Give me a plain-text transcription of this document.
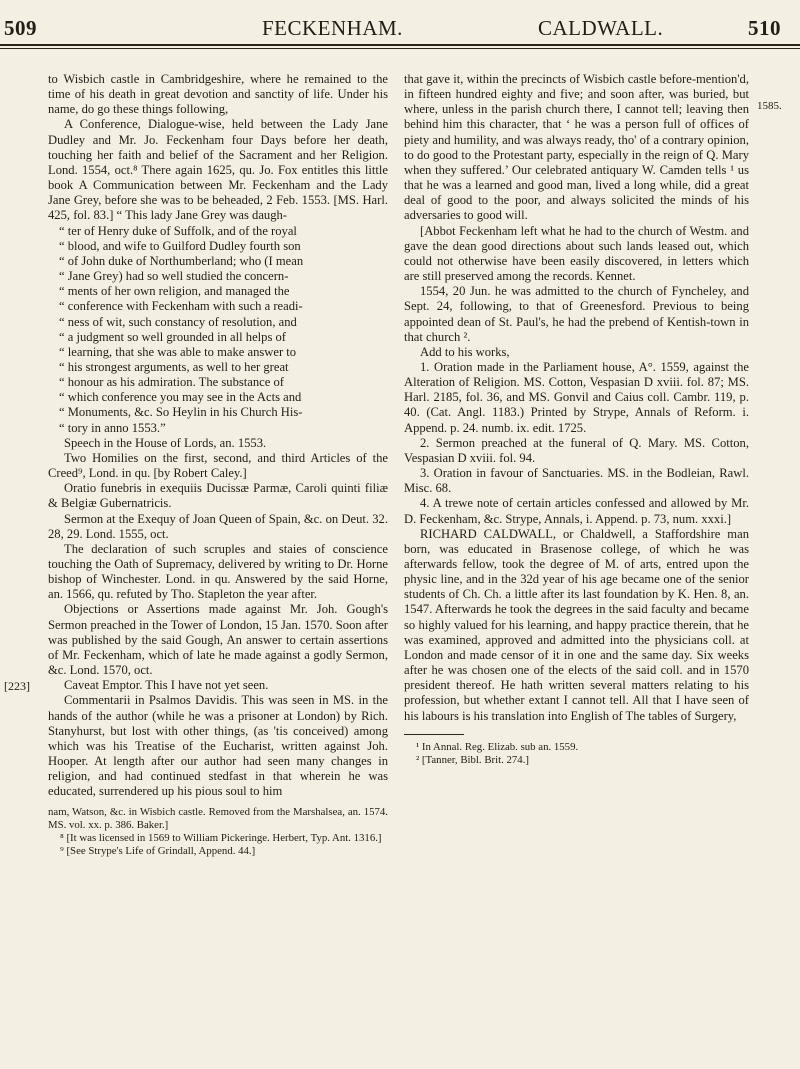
509	FECKENHAM.	CALDWALL.	510
[223]
1585.

to Wisbich castle in Cambridgeshire, where he remained to the time of his death in great devotion and sanctity of life. Under his name, do go these things following,

A Conference, Dialogue-wise, held between the Lady Jane Dudley and Mr. Jo. Feckenham four Days before her death, touching her faith and belief of the Sacrament and her Religion. Lond. 1554, oct.⁸ There again 1625, qu. Jo. Fox entitles this little book A Communication between Mr. Feckenham and the Lady Jane Grey, before she was to be beheaded, 2 Feb. 1553. [MS. Harl. 425, fol. 83.] “ This lady Jane Grey was daugh-

“ ter of Henry duke of Suffolk, and of the royal

“ blood, and wife to Guilford Dudley fourth son

“ of John duke of Northumberland; who (I mean

“ Jane Grey) had so well studied the concern-

“ ments of her own religion, and managed the

“ conference with Feckenham with such a readi-

“ ness of wit, such constancy of resolution, and

“ a judgment so well grounded in all helps of

“ learning, that she was able to make answer to

“ his strongest arguments, as well to her great

“ honour as his admiration. The substance of

“ which conference you may see in the Acts and

“ Monuments, &c. So Heylin in his Church His-

“ tory in anno 1553.”

Speech in the House of Lords, an. 1553.

Two Homilies on the first, second, and third Articles of the Creed⁹, Lond. in qu. [by Robert Caley.]

Oratio funebris in exequiis Ducissæ Parmæ, Caroli quinti filiæ & Belgiæ Gubernatricis.

Sermon at the Exequy of Joan Queen of Spain, &c. on Deut. 32. 28, 29. Lond. 1555, oct.

The declaration of such scruples and staies of conscience touching the Oath of Supremacy, delivered by writing to Dr. Horne bishop of Winchester. Lond. in qu. Answered by the said Horne, an. 1566, qu. refuted by Tho. Stapleton the year after.

Objections or Assertions made against Mr. Joh. Gough's Sermon preached in the Tower of London, 15 Jan. 1570. Soon after was published by the said Gough, An answer to certain assertions of Mr. Feckenham, which of late he made against a godly Sermon, &c. Lond. 1570, oct.

Caveat Emptor. This I have not yet seen.

Commentarii in Psalmos Davidis. This was seen in MS. in the hands of the author (while he was a prisoner at London) by Rich. Stanyhurst, but lost with other things, (as 'tis conceived) among which was his Treatise of the Eucharist, written against Joh. Hooper. At length after our author had seen many changes in religion, and had continued stedfast in that wherein he was educated, surrendered up his pious soul to him

nam, Watson, &c. in Wisbich castle. Removed from the Marshalsea, an. 1574. MS. vol. xx. p. 386. Baker.]

⁸ [It was licensed in 1569 to William Pickeringe. Herbert, Typ. Ant. 1316.]

⁹ [See Strype's Life of Grindall, Append. 44.]

that gave it, within the precincts of Wisbich castle before-mention'd, in fifteen hundred eighty and five; and soon after, was buried, but where, unless in the parish church there, I cannot tell; leaving then behind him this character, that ‘ he was a person full of offices of piety and humility, and was always ready, tho' of a contrary opinion, to do good to the Protestant party, especially in the reign of Q. Mary when they suffered.’ Our celebrated antiquary W. Camden tells ¹ us that he was a learned and good man, lived a long while, did a great deal of good to the poor, and always solicited the minds of his adversaries to good will.

[Abbot Feckenham left what he had to the church of Westm. and gave the dean good directions about such lands leased out, which could not otherwise have been easily discovered, in letters which are still preserved among the records. Kennet.

1554, 20 Jun. he was admitted to the church of Fyncheley, and Sept. 24, following, to that of Greenesford. Previous to being appointed dean of St. Paul's, he had the prebend of Kentish-town in that church ².

Add to his works,

1. Oration made in the Parliament house, A°. 1559, against the Alteration of Religion. MS. Cotton, Vespasian D xviii. fol. 87; MS. Harl. 2185, fol. 36, and MS. Gonvil and Caius coll. Cambr. 119, p. 40. (Cat. Angl. 1183.) Printed by Strype, Annals of Reform. i. Append. p. 24. numb. ix. edit. 1725.

2. Sermon preached at the funeral of Q. Mary. MS. Cotton, Vespasian D xviii. fol. 94.

3. Oration in favour of Sanctuaries. MS. in the Bodleian, Rawl. Misc. 68.

4. A trewe note of certain articles confessed and allowed by Mr. D. Feckenham, &c. Strype, Annals, i. Append. p. 73, num. xxxi.]

RICHARD CALDWALL, or Chaldwell, a Staffordshire man born, was educated in Brasenose college, of which he was afterwards fellow, took the degree of M. of arts, entred upon the physic line, and in the 32d year of his age became one of the senior students of Ch. Ch. a little after its last foundation by K. Hen. 8, an. 1547. Afterwards he took the degrees in the said faculty and became so highly valued for his learning, and happy practice therein, that he was examined, approved and admitted into the physicians coll. at London and made censor of it in one and the same day. Six weeks after he was chosen one of the elects of the said coll. and in 1570 president thereof. He hath written several matters relating to his profession, but whether extant I cannot tell. All that I have seen of his labours is his translation into English of The tables of Surgery,

¹ In Annal. Reg. Elizab. sub an. 1559.

² [Tanner, Bibl. Brit. 274.]
